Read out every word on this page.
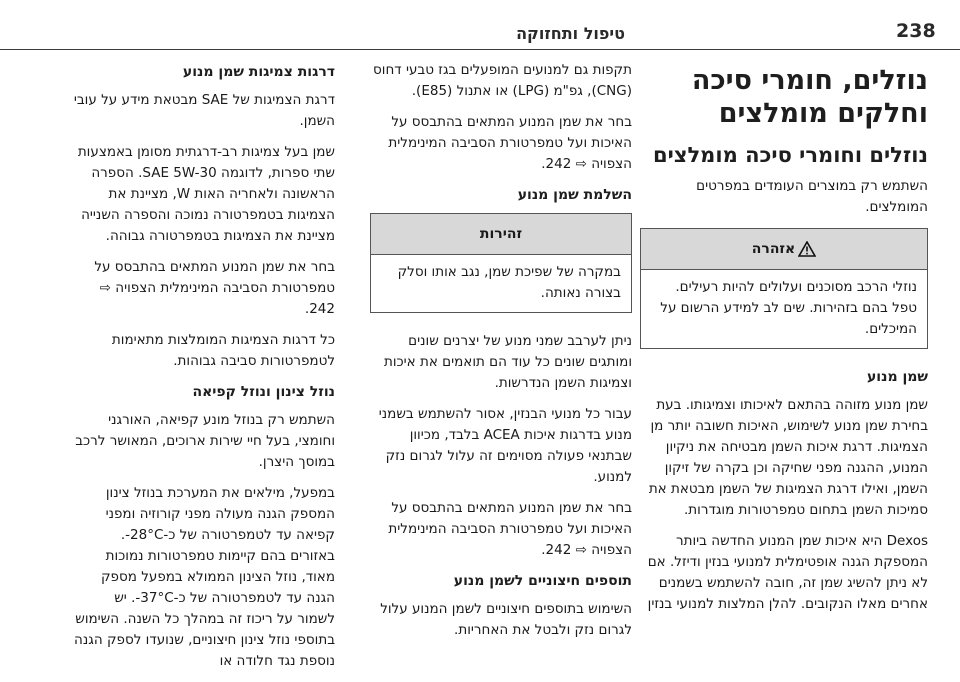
238
טיפול ותחזוקה
נוזלים, חומרי סיכה וחלקים מומלצים
נוזלים וחומרי סיכה מומלצים

השתמש רק במוצרים העומדים במפרטים המומלצים.

אזהרה
נוזלי הרכב מסוכנים ועלולים להיות רעילים. טפל בהם בזהירות. שים לב למידע הרשום על המיכלים.
שמן מנוע

שמן מנוע מזוהה בהתאם לאיכותו וצמיגותו. בעת בחירת שמן מנוע לשימוש, האיכות חשובה יותר מן הצמיגות. דרגת איכות השמן מבטיחה את ניקיון המנוע, ההגנה מפני שחיקה וכן בקרה של זיקון השמן, ואילו דרגת הצמיגות של השמן מבטאת את סמיכות השמן בתחום טמפרטורות מוגדרות.

Dexos היא איכות שמן המנוע החדשה ביותר המספקת הגנה אופטימלית למנועי בנזין ודיזל. אם לא ניתן להשיג שמן זה, חובה להשתמש בשמנים אחרים מאלו הנקובים. להלן המלצות למנועי בנזין

תקפות גם למנועים המופעלים בגז טבעי דחוס (CNG), גפ"מ (LPG) או אתנול (E85).

בחר את שמן המנוע המתאים בהתבסס על האיכות ועל טמפרטורת הסביבה המינימלית הצפויה ⇨ 242.

השלמת שמן מנוע
זהירות
במקרה של שפיכת שמן, נגב אותו וסלק בצורה נאותה.

ניתן לערבב שמני מנוע של יצרנים שונים ומותגים שונים כל עוד הם תואמים את איכות וצמיגות השמן הנדרשות.

עבור כל מנועי הבנזין, אסור להשתמש בשמני מנוע בדרגות איכות ACEA בלבד, מכיוון שבתנאי פעולה מסוימים זה עלול לגרום נזק למנוע.

בחר את שמן המנוע המתאים בהתבסס על האיכות ועל טמפרטורת הסביבה המינימלית הצפויה ⇨ 242.

תוספים חיצוניים לשמן מנוע

השימוש בתוספים חיצוניים לשמן המנוע עלול לגרום נזק ולבטל את האחריות.

דרגות צמיגות שמן מנוע

דרגת הצמיגות של SAE מבטאת מידע על עובי השמן.

שמן בעל צמיגות רב-דרגתית מסומן באמצעות שתי ספרות, לדוגמה SAE 5W-30. הספרה הראשונה ולאחריה האות W, מציינת את הצמיגות בטמפרטורה נמוכה והספרה השנייה מציינת את הצמיגות בטמפרטורה גבוהה.

בחר את שמן המנוע המתאים בהתבסס על טמפרטורת הסביבה המינימלית הצפויה ⇨ 242.

כל דרגות הצמיגות המומלצות מתאימות לטמפרטורות סביבה גבוהות.

נוזל צינון ונוזל קפיאה

השתמש רק בנוזל מונע קפיאה, האורגני וחומצי, בעל חיי שירות ארוכים, המאושר לרכב במוסך היצרן.

במפעל, מילאים את המערכת בנוזל צינון המספק הגנה מעולה מפני קורוזיה ומפני קפיאה עד לטמפרטורה של כ-28°C-. באזורים בהם קיימות טמפרטורות נמוכות מאוד, נוזל הצינון הממולא במפעל מספק הגנה עד לטמפרטורה של כ-37°C-. יש לשמור על ריכוז זה במהלך כל השנה. השימוש בתוספי נוזל צינון חיצוניים, שנועדו לספק הגנה נוספת נגד חלודה או
